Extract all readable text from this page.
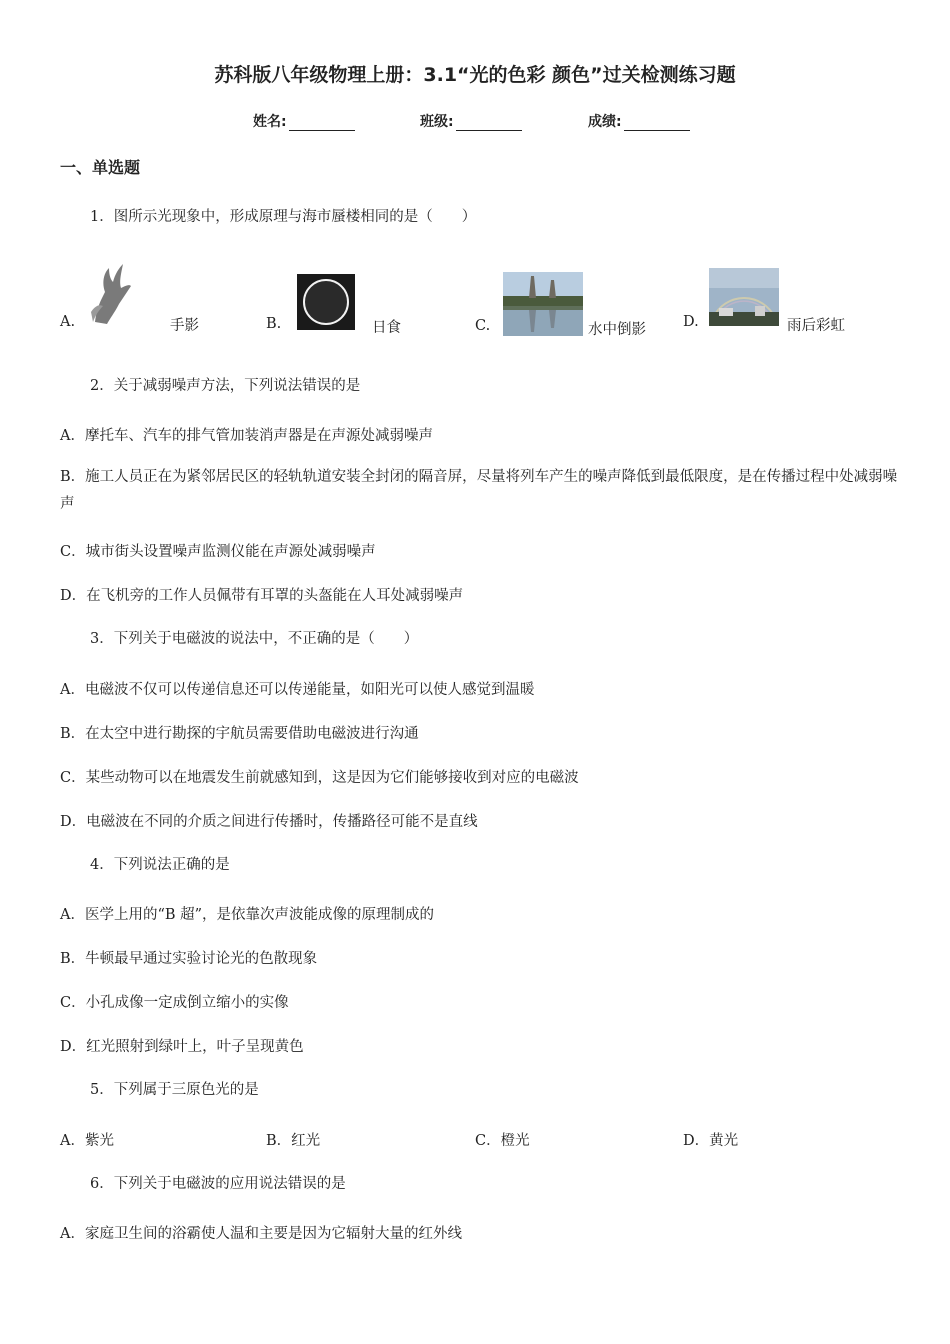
苏科版八年级物理上册：3.1“光的色彩 颜色”过关检测练习题
姓名:	班级:	成绩:
一、单选题
1．图所示光现象中，形成原理与海市蜃楼相同的是（　　）
A.	手影	B.	日食	C.	水中倒影	D.	雨后彩虹
2．关于减弱噪声方法，下列说法错误的是
A．摩托车、汽车的排气管加装消声器是在声源处减弱噪声
B．施工人员正在为紧邻居民区的轻轨轨道安装全封闭的隔音屏，尽量将列车产生的噪声降低到最低限度，是在传播过程中处减弱噪声
C．城市街头设置噪声监测仪能在声源处减弱噪声
D．在飞机旁的工作人员佩带有耳罩的头盔能在人耳处减弱噪声
3．下列关于电磁波的说法中，不正确的是（　　）
A．电磁波不仅可以传递信息还可以传递能量，如阳光可以使人感觉到温暖
B．在太空中进行勘探的宇航员需要借助电磁波进行沟通
C．某些动物可以在地震发生前就感知到，这是因为它们能够接收到对应的电磁波
D．电磁波在不同的介质之间进行传播时，传播路径可能不是直线
4．下列说法正确的是
A．医学上用的“B 超”，是依靠次声波能成像的原理制成的
B．牛顿最早通过实验讨论光的色散现象
C．小孔成像一定成倒立缩小的实像
D．红光照射到绿叶上，叶子呈现黄色
5．下列属于三原色光的是
A．紫光	B．红光	C．橙光	D．黄光
6．下列关于电磁波的应用说法错误的是
A．家庭卫生间的浴霸使人温和主要是因为它辐射大量的红外线
